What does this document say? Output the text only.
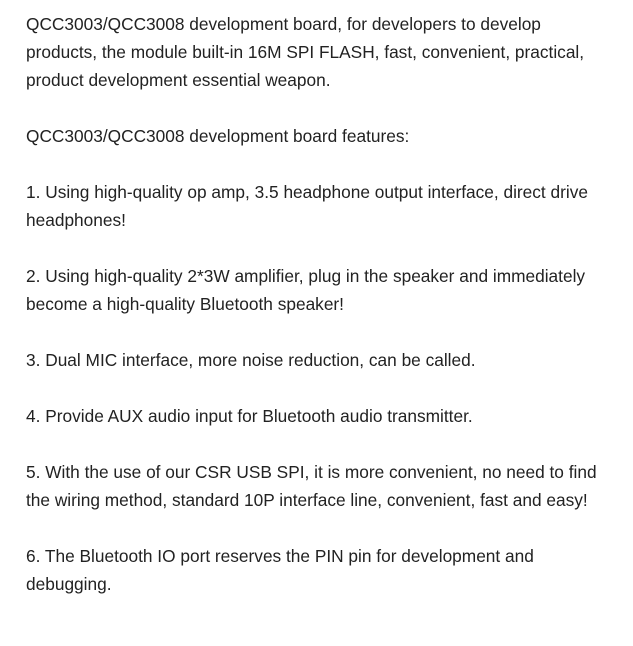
QCC3003/QCC3008 development board, for developers to develop products, the module built-in 16M SPI FLASH, fast, convenient, practical, product development essential weapon.

QCC3003/QCC3008 development board features:

1. Using high-quality op amp, 3.5 headphone output interface, direct drive headphones!

2. Using high-quality 2*3W amplifier, plug in the speaker and immediately become a high-quality Bluetooth speaker!

3. Dual MIC interface, more noise reduction, can be called.

4. Provide AUX audio input for Bluetooth audio transmitter.

5. With the use of our CSR USB SPI, it is more convenient, no need to find the wiring method, standard 10P interface line, convenient, fast and easy!

6. The Bluetooth IO port reserves the PIN pin for development and debugging.
